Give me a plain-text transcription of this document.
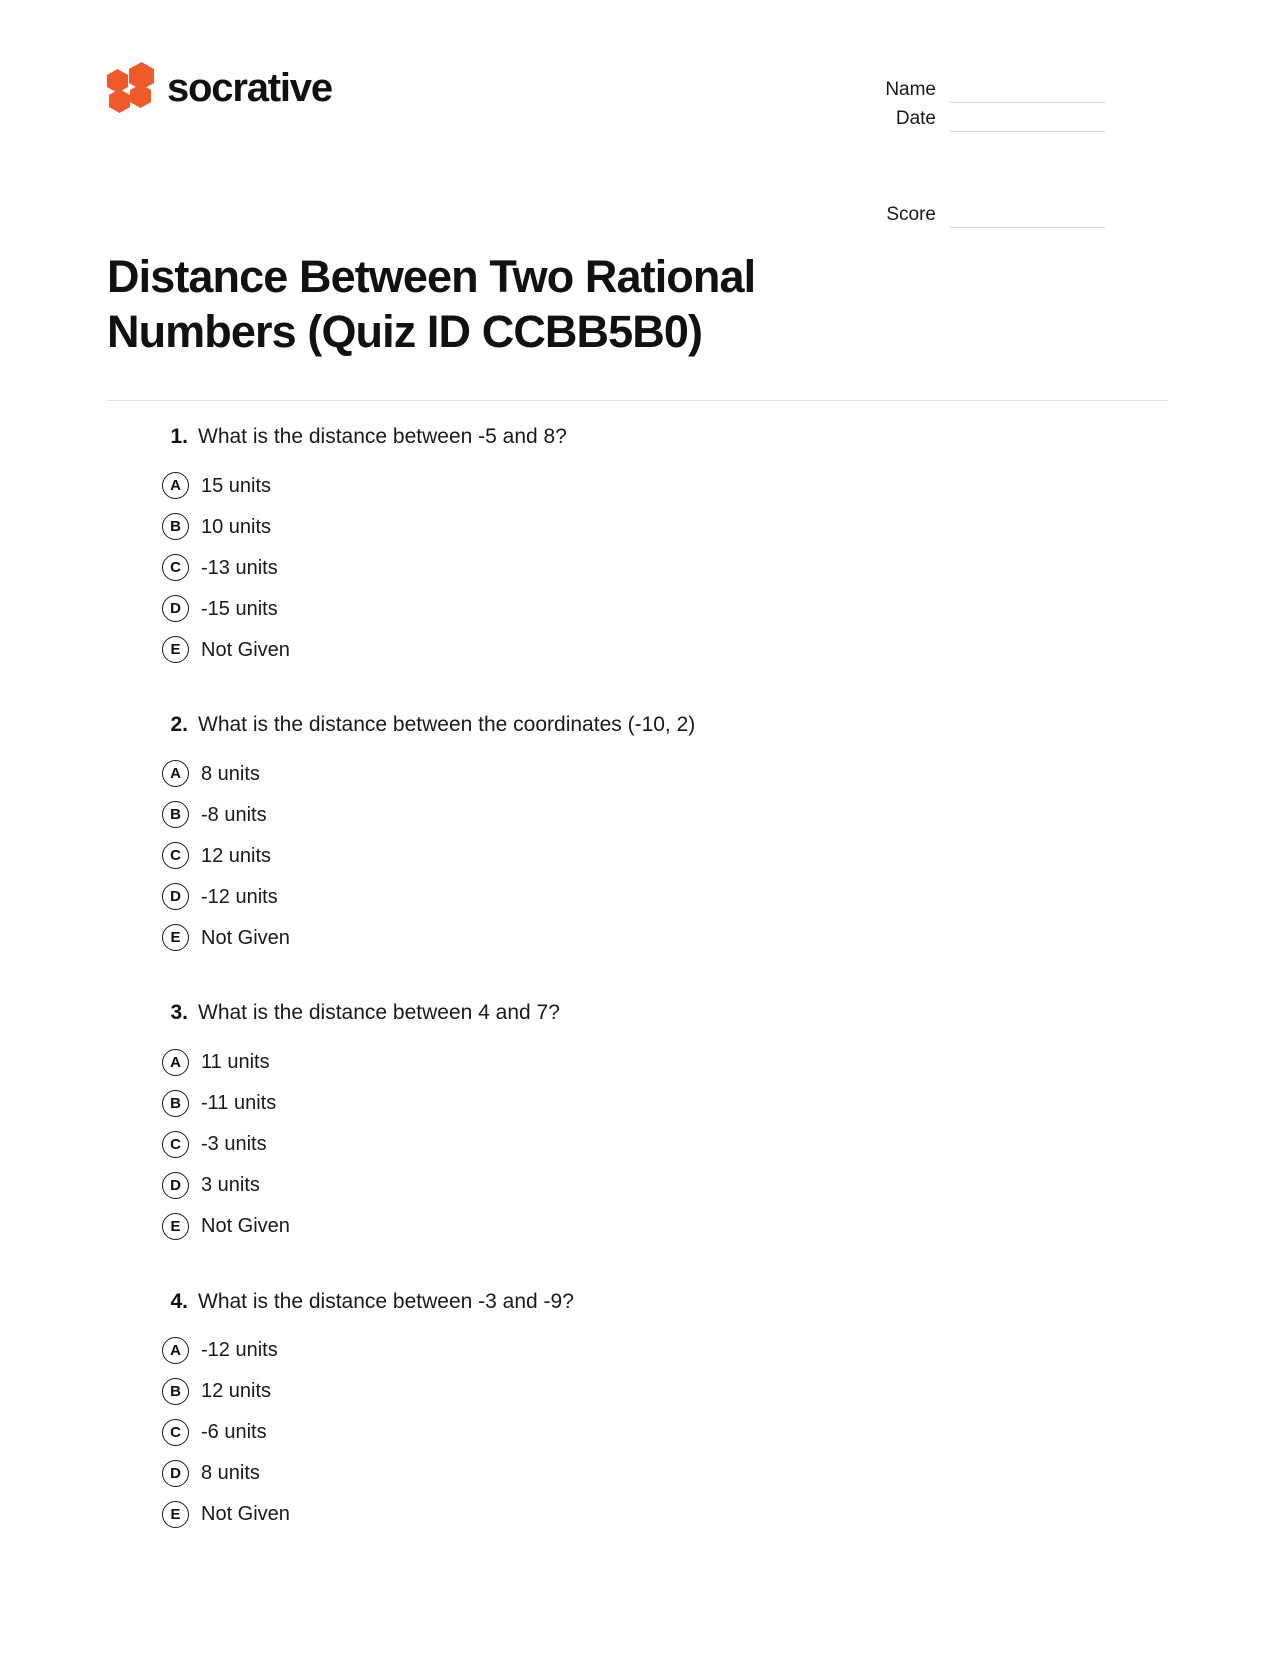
socrative	Name
Date
Score
Distance Between Two Rational Numbers (Quiz ID CCBB5B0)
1. What is the distance between -5 and 8?
A	15 units
B	10 units
C	-13 units
D	-15 units
E	Not Given
2. What is the distance between the coordinates (-10, 2)
A	8 units
B	-8 units
C	12 units
D	-12 units
E	Not Given
3. What is the distance between 4 and 7?
A	11 units
B	-11 units
C	-3 units
D	3 units
E	Not Given
4. What is the distance between -3 and -9?
A	-12 units
B	12 units
C	-6 units
D	8 units
E	Not Given
